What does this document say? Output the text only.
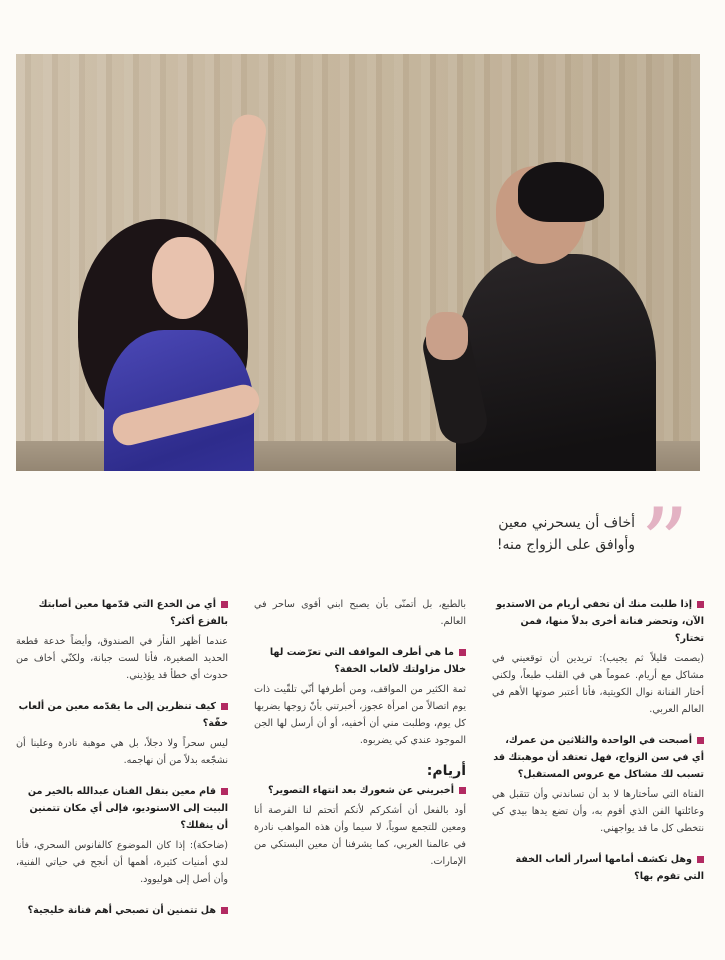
”
أخاف أن يسحرني معين
وأوافق على الزواج منه!

إذا طلبت منك أن تخفي أريام من الاستديو الآن، وتحضر فنانة أخرى بدلاً منها، فمن تختار؟

(يصمت قليلاً ثم يجيب): تريدين أن توقعيني في مشاكل مع أريام. عموماً هي في القلب طبعاً، ولكني أختار الفنانة نوال الكويتية، فأنا أعتبر صوتها الأهم في العالم العربي.

أصبحت في الواحدة والثلاثين من عمرك، أي في سن الزواج، فهل تعتقد أن موهبتك قد تسبب لك مشاكل مع عروس المستقبل؟

الفتاة التي سأختارها لا بد أن تساندني وأن تتقبل هي وعائلتها الفن الذي أقوم به، وأن تضع يدها بيدي كي نتخطى كل ما قد يواجهني.

وهل تكشف أمامها أسرار ألعاب الخفة التي تقوم بها؟

بالطبع، بل أتمنّى بأن يصبح ابني أقوى ساحر في العالم.

ما هي أطرف المواقف التي تعرّضت لها خلال مزاولتك لألعاب الخفة؟

ثمة الكثير من المواقف، ومن أطرفها أنّي تلقّيت ذات يوم اتصالاً من امرأة عجوز، أخبرتني بأنّ زوجها يضربها كل يوم، وطلبت مني أن أخفيه، أو أن أرسل لها الجن الموجود عندي كي يضربوه.

أريام:

أخبريني عن شعورك بعد انتهاء التصوير؟

أود بالفعل أن أشكركم لأنكم أتحتم لنا الفرصة أنا ومعين للتجمع سوياً، لا سيما وأن هذه المواهب نادرة في عالمنا العربي، كما يشرفنا أن معين البستكي من الإمارات.

أي من الخدع التي قدّمها معين أصابتك بالفزع أكثر؟

عندما أظهر الفأر في الصندوق، وأيضاً خدعة قطعة الحديد الصغيرة، فأنا لست جبانة، ولكنّي أخاف من حدوث أي خطأ قد يؤذيني.

كيف تنظرين إلى ما يقدّمه معين من ألعاب خفّة؟

ليس سحراً ولا دجلاً، بل هي موهبة نادرة وعلينا أن نشجّعه بدلاً من أن نهاجمه.

قام معين بنقل الفنان عبدالله بالخير من البيت إلى الاستوديو، فإلى أي مكان تتمنين أن ينقلك؟

(ضاحكة): إذا كان الموضوع كالفانوس السحري، فأنا لدي أمنيات كثيرة، أهمها أن أنجح في حياتي الفنية، وأن أصل إلى هوليوود.

هل تتمنين أن تصبحي أهم فنانة خليجية؟
